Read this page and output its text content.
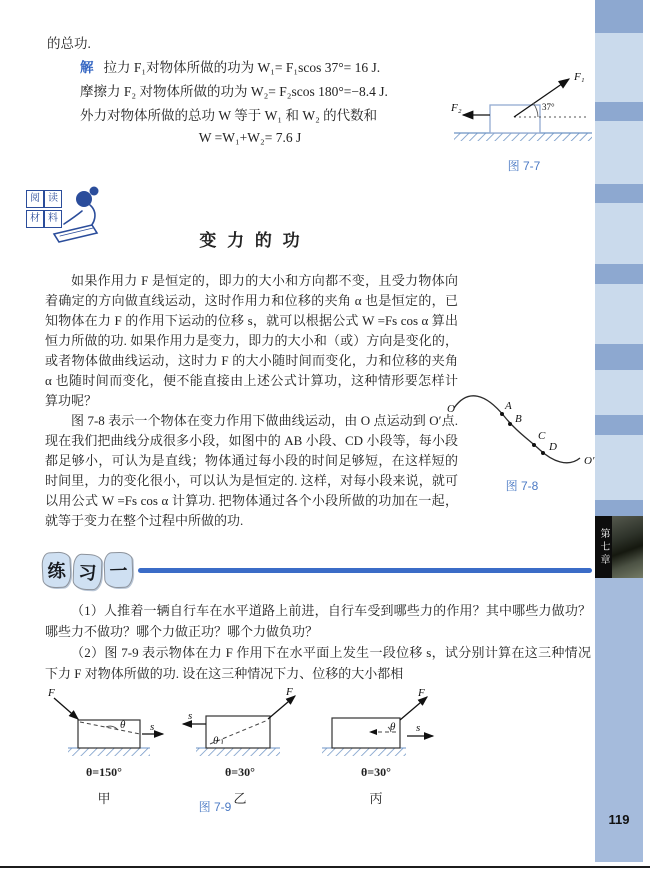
的总功.

解 拉力 F₁对物体所做的功为 W₁= F₁scos 37°= 16 J.

摩擦力 F₂ 对物体所做的功为 W₂= F₂scos 180°=−8.4 J.

外力对物体所做的总功 W 等于 W₁ 和 W₂ 的代数和

W =W₁+W₂= 7.6 J
F₁
F₂	37°
图 7-7
阅 读
材 料
变 力 的 功

如果作用力 F 是恒定的，即力的大小和方向都不变，且受力物体向着确定的方向做直线运动，这时作用力和位移的夹角 α 也是恒定的，已知物体在力 F 的作用下运动的位移 s，就可以根据公式 W =Fs cos α 算出恒力所做的功. 如果作用力是变力，即力的大小和（或）方向是变化的，或者物体做曲线运动，这时力 F 的大小随时间而变化，力和位移的夹角 α 也随时间而变化，便不能直接由上述公式计算功，这种情形要怎样计算功呢？

图 7-8 表示一个物体在变力作用下做曲线运动，由 O 点运动到 O′点. 现在我们把曲线分成很多小段，如图中的 AB 小段、CD 小段等，每小段都足够小，可认为是直线；物体通过每小段的时间足够短，在这样短的时间里，力的变化很小，可以认为是恒定的. 这样，对每小段来说，就可以用公式 W =Fs cos α 计算功. 把物体通过各个小段所做的功加在一起，就等于变力在整个过程中所做的功.

O	A
B
C
D
O′
图 7-8
练 习 一

（1）人推着一辆自行车在水平道路上前进，自行车受到哪些力的作用？其中哪些力做功？哪些力不做功？哪个力做正功？哪个力做负功？

（2）图 7-9 表示物体在力 F 作用下在水平面上发生一段位移 s，试分别计算在这三种情况下力 F 对物体所做的功. 设在这三种情况下力、位移的大小都相

F
θ s
θ=150°
甲
F
θ
s
θ=30°
乙
F
θ s
θ=30°
丙
图 7-9
第七章
119
